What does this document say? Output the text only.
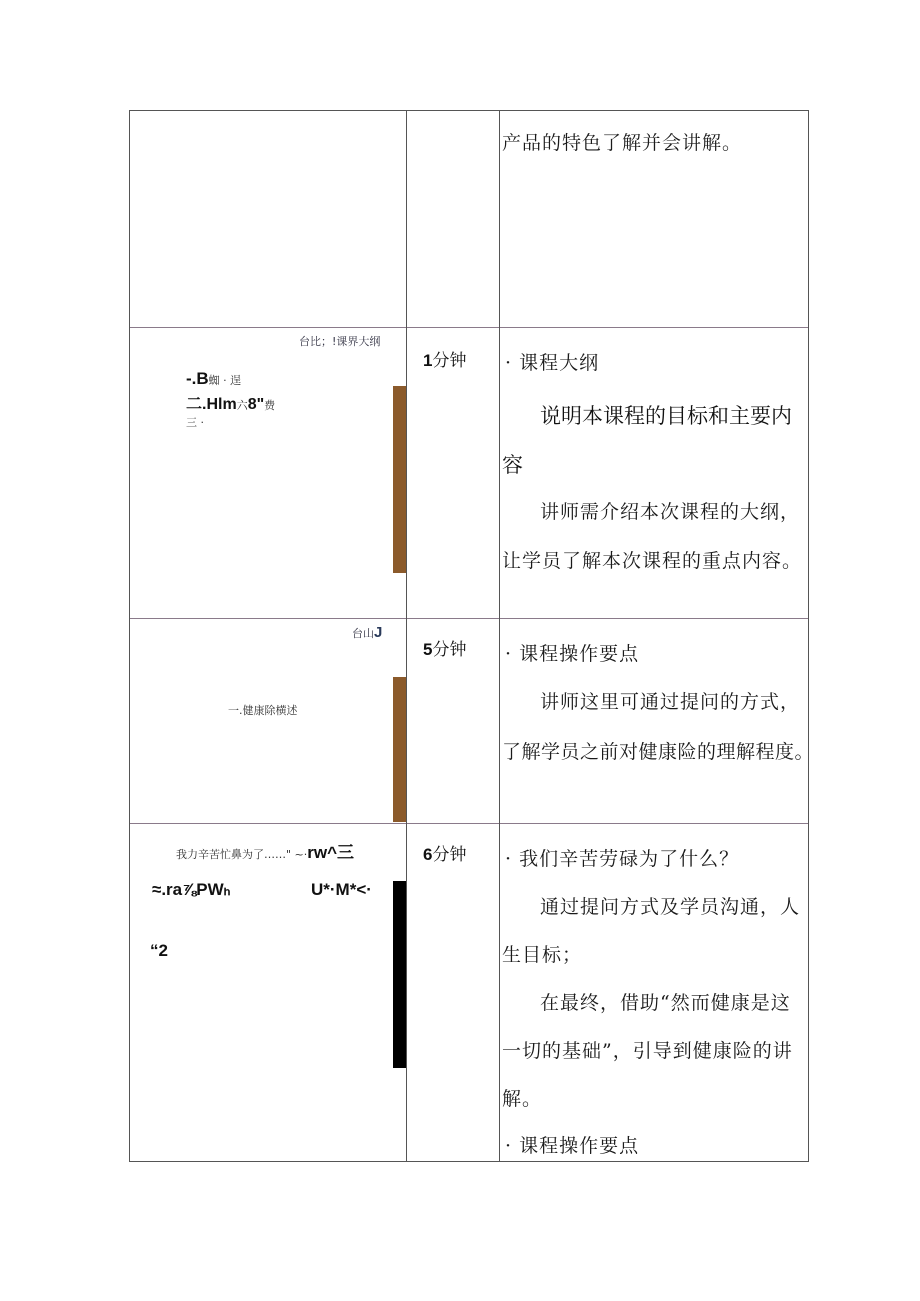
产品的特色了解并会讲解。
台比；!课界大纲
-.B蜘 · 逞
二.Hlm六8"费
三 ·
1分钟 · 课程大纲
说明本课程的目标和主要内
容
讲师需介绍本次课程的大纲，
让学员了解本次课程的重点内容。
台山J
一.健康除横述
5分钟 · 课程操作要点
讲师这里可通过提问的方式，
了解学员之前对健康险的理解程度。
我力辛苦忙鼻为了……" ~·rw^三
≈.ra⅞PWₕ	U*·M*<·
“2
6分钟 · 我们辛苦劳碌为了什么？
通过提问方式及学员沟通，人
生目标；
在最终，借助“然而健康是这
一切的基础”，引导到健康险的讲
解。
· 课程操作要点
